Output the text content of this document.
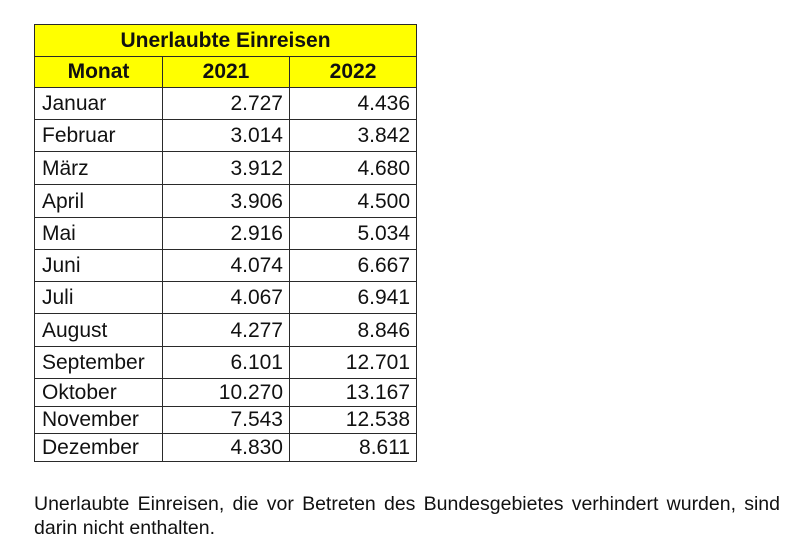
Unerlaubte Einreisen		
Monat	2021	2022
Januar	2.727	4.436
Februar	3.014	3.842
März	3.912	4.680
April	3.906	4.500
Mai	2.916	5.034
Juni	4.074	6.667
Juli	4.067	6.941
August	4.277	8.846
September	6.101	12.701
Oktober	10.270	13.167
November	7.543	12.538
Dezember	4.830	8.611

Unerlaubte Einreisen, die vor Betreten des Bundesgebietes verhindert wurden, sind darin nicht enthalten.
